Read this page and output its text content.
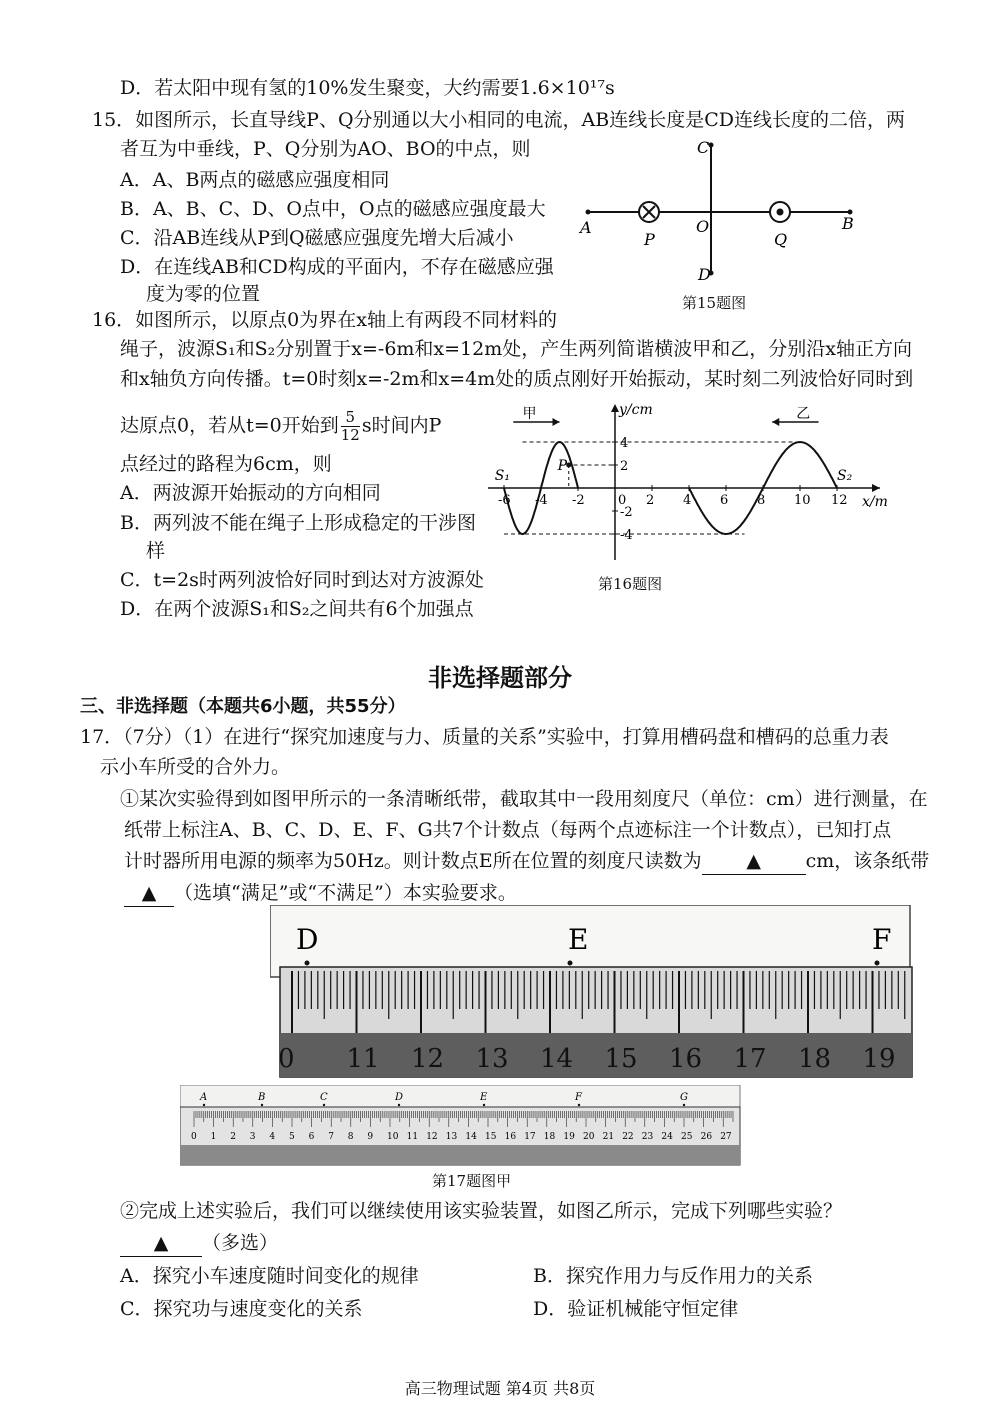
D．若太阳中现有氢的10%发生聚变，大约需要1.6×10¹⁷s
15．如图所示，长直导线P、Q分别通以大小相同的电流，AB连线长度是CD连线长度的二倍，两
者互为中垂线，P、Q分别为AO、BO的中点，则
A．A、B两点的磁感应强度相同
B．A、B、C、D、O点中，O点的磁感应强度最大
C．沿AB连线从P到Q磁感应强度先增大后减小
D．在连线AB和CD构成的平面内，不存在磁感应强
度为零的位置
A	B
C
D
O
P	Q
第15题图
16．如图所示，以原点0为界在x轴上有两段不同材料的
绳子，波源S₁和S₂分别置于x=-6m和x=12m处，产生两列简谐横波甲和乙，分别沿x轴正方向
和x轴负方向传播。t=0时刻x=-2m和x=4m处的质点刚好开始振动，某时刻二列波恰好同时到
达原点0，若从t=0开始到 $\frac{5}{12}$ s时间内P
点经过的路程为6cm，则
A．两波源开始振动的方向相同
B．两列波不能在绳子上形成稳定的干涉图
样
C．t=2s时两列波恰好同时到达对方波源处
D．在两个波源S₁和S₂之间共有6个加强点
y/cm
x/m
甲	乙
S₁	S₂
P
0
-6 -4 -2	2 4 6 8 10 12
4
2
-2
-4
第16题图
非选择题部分
三、非选择题（本题共6小题，共55分）
17．（7分）（1）在进行“探究加速度与力、质量的关系”实验中，打算用槽码盘和槽码的总重力表
示小车所受的合外力。
①某次实验得到如图甲所示的一条清晰纸带，截取其中一段用刻度尺（单位：cm）进行测量，在
纸带上标注A、B、C、D、E、F、G共7个计数点（每两个点迹标注一个计数点），已知打点
计时器所用电源的频率为50Hz。则计数点E所在位置的刻度尺读数为 ▲ cm，该条纸带
▲ （选填“满足”或“不满足”）本实验要求。
0 11 12 13 14 15 16 17 18 19
D	E	F
0 1 2 3 4 5 6 7 8 9 10 11 12 13 14 15 16 17 18 19 20 21 22 23 24 25 26 27
A	B	C	D	E	F	G
第17题图甲
②完成上述实验后，我们可以继续使用该实验装置，如图乙所示，完成下列哪些实验？
▲ （多选）
A．探究小车速度随时间变化的规律	B．探究作用力与反作用力的关系
C．探究功与速度变化的关系	D．验证机械能守恒定律
高三物理试题 第4页 共8页
